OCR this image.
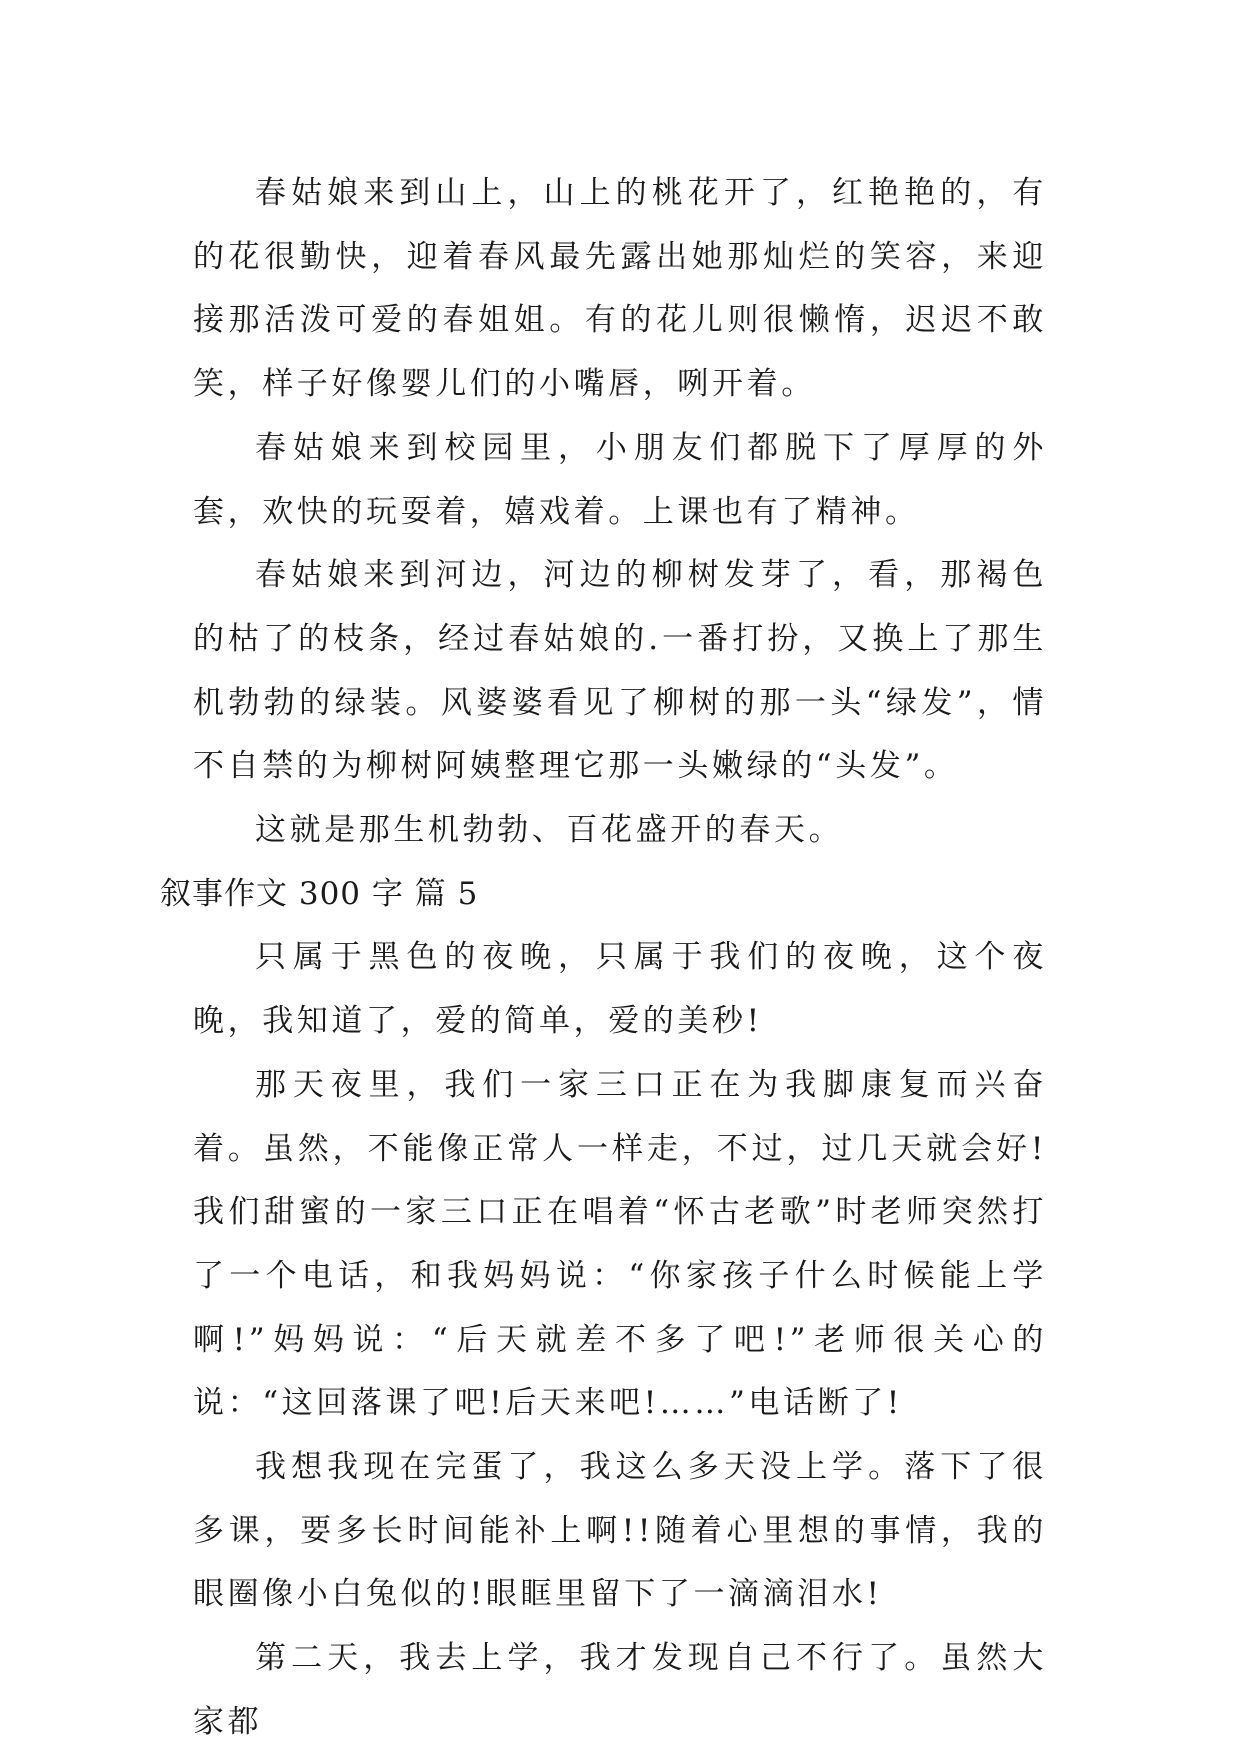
春姑娘来到山上，山上的桃花开了，红艳艳的，有的花很勤快，迎着春风最先露出她那灿烂的笑容，来迎接那活泼可爱的春姐姐。有的花儿则很懒惰，迟迟不敢笑，样子好像婴儿们的小嘴唇，咧开着。

春姑娘来到校园里，小朋友们都脱下了厚厚的外套，欢快的玩耍着，嬉戏着。上课也有了精神。

春姑娘来到河边，河边的柳树发芽了，看，那褐色的枯了的枝条，经过春姑娘的.一番打扮，又换上了那生机勃勃的绿装。风婆婆看见了柳树的那一头“绿发”，情不自禁的为柳树阿姨整理它那一头嫩绿的“头发”。

这就是那生机勃勃、百花盛开的春天。

叙事作文 300 字 篇 5

只属于黑色的夜晚，只属于我们的夜晚，这个夜晚，我知道了，爱的简单，爱的美秒!

那天夜里，我们一家三口正在为我脚康复而兴奋着。虽然，不能像正常人一样走，不过，过几天就会好!我们甜蜜的一家三口正在唱着“怀古老歌”时老师突然打了一个电话，和我妈妈说：“你家孩子什么时候能上学啊!”妈妈说：“后天就差不多了吧!”老师很关心的说：“这回落课了吧!后天来吧!……”电话断了!

我想我现在完蛋了，我这么多天没上学。落下了很多课，要多长时间能补上啊!!随着心里想的事情，我的眼圈像小白兔似的!眼眶里留下了一滴滴泪水!

第二天，我去上学，我才发现自己不行了。虽然大家都
